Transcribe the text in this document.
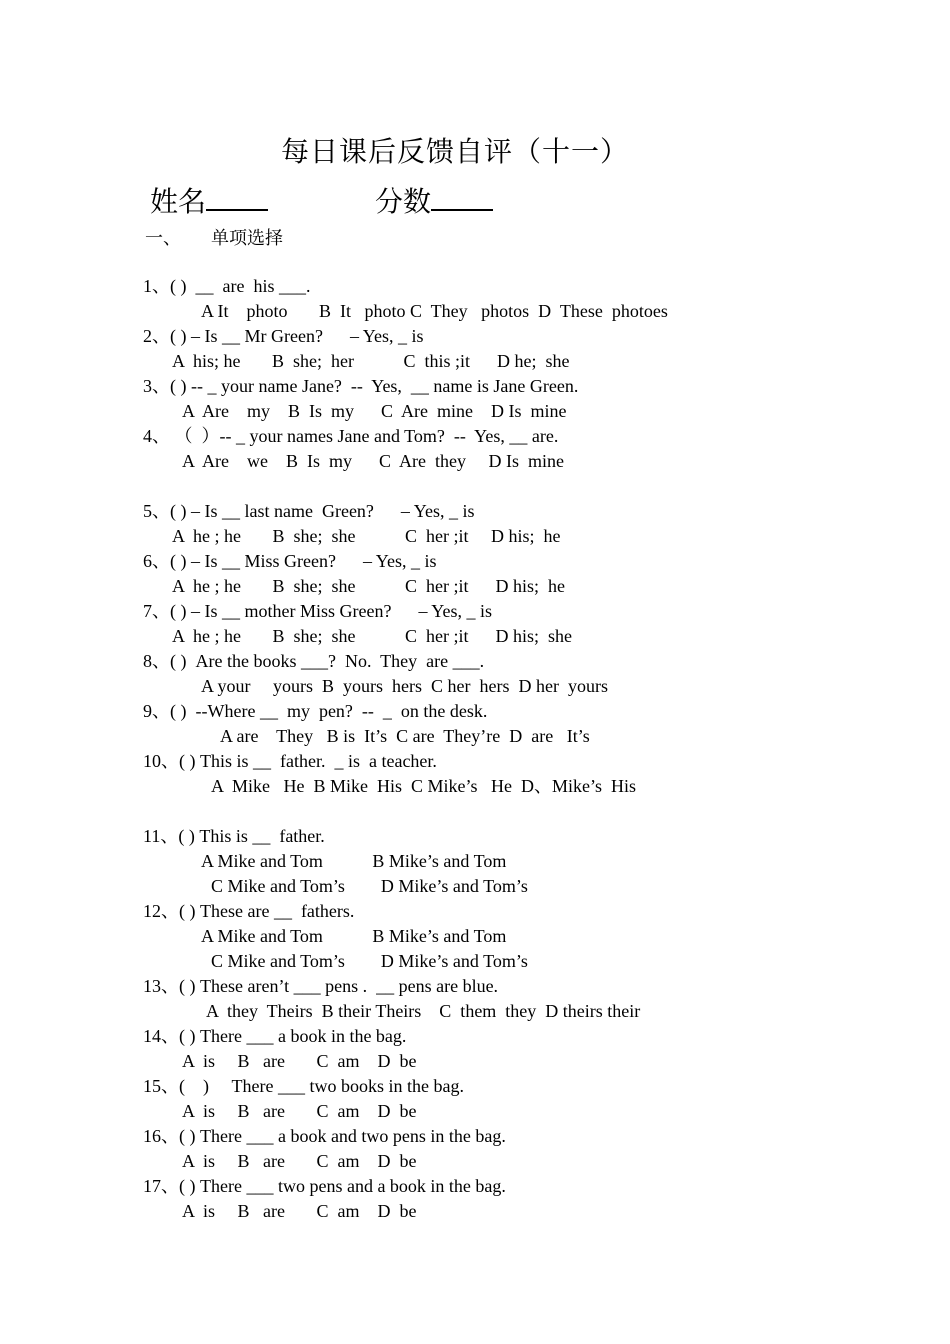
每日课后反馈自评（十一）
姓名	分数
一、 单项选择
1、( )  __  are  his ___.
A It    photo       B  It   photo C  They   photos  D  These  photoes
2、( ) – Is __ Mr Green?      – Yes, _ is
A  his; he       B  she;  her           C  this ;it      D he;  she
3、( ) -- _ your name Jane?  --  Yes,  __ name is Jane Green.
A  Are    my    B  Is  my      C  Are  mine    D Is  mine
4、 （  ）-- _ your names Jane and Tom?  --  Yes, __ are.
A  Are    we    B  Is  my      C  Are  they     D Is  mine
5、( ) – Is __ last name  Green?      – Yes, _ is
A  he ; he       B  she;  she           C  her ;it     D his;  he
6、( ) – Is __ Miss Green?      – Yes, _ is
A  he ; he       B  she;  she           C  her ;it      D his;  he
7、( ) – Is __ mother Miss Green?      – Yes, _ is
A  he ; he       B  she;  she           C  her ;it      D his;  she
8、( )  Are the books ___?  No.  They  are ___.
A your     yours  B  yours  hers  C her  hers  D her  yours
9、( )  --Where __  my  pen?  --  _  on the desk.
A are    They   B is  It’s  C are  They’re  D  are   It’s
10、( ) This is __  father.  _ is  a teacher.
A  Mike   He  B Mike  His  C Mike’s   He  D、Mike’s  His
11、( ) This is __  father.
A Mike and Tom           B Mike’s and Tom
C Mike and Tom’s        D Mike’s and Tom’s
12、( ) These are __  fathers.
A Mike and Tom           B Mike’s and Tom
C Mike and Tom’s        D Mike’s and Tom’s
13、( ) These aren’t ___ pens .  __ pens are blue.
A  they  Theirs  B their Theirs    C  them  they  D theirs their
14、( ) There ___ a book in the bag.
A  is     B   are       C  am    D  be
15、(    )     There ___ two books in the bag.
A  is     B   are       C  am    D  be
16、( ) There ___ a book and two pens in the bag.
A  is     B   are       C  am    D  be
17、( ) There ___ two pens and a book in the bag.
A  is     B   are       C  am    D  be
